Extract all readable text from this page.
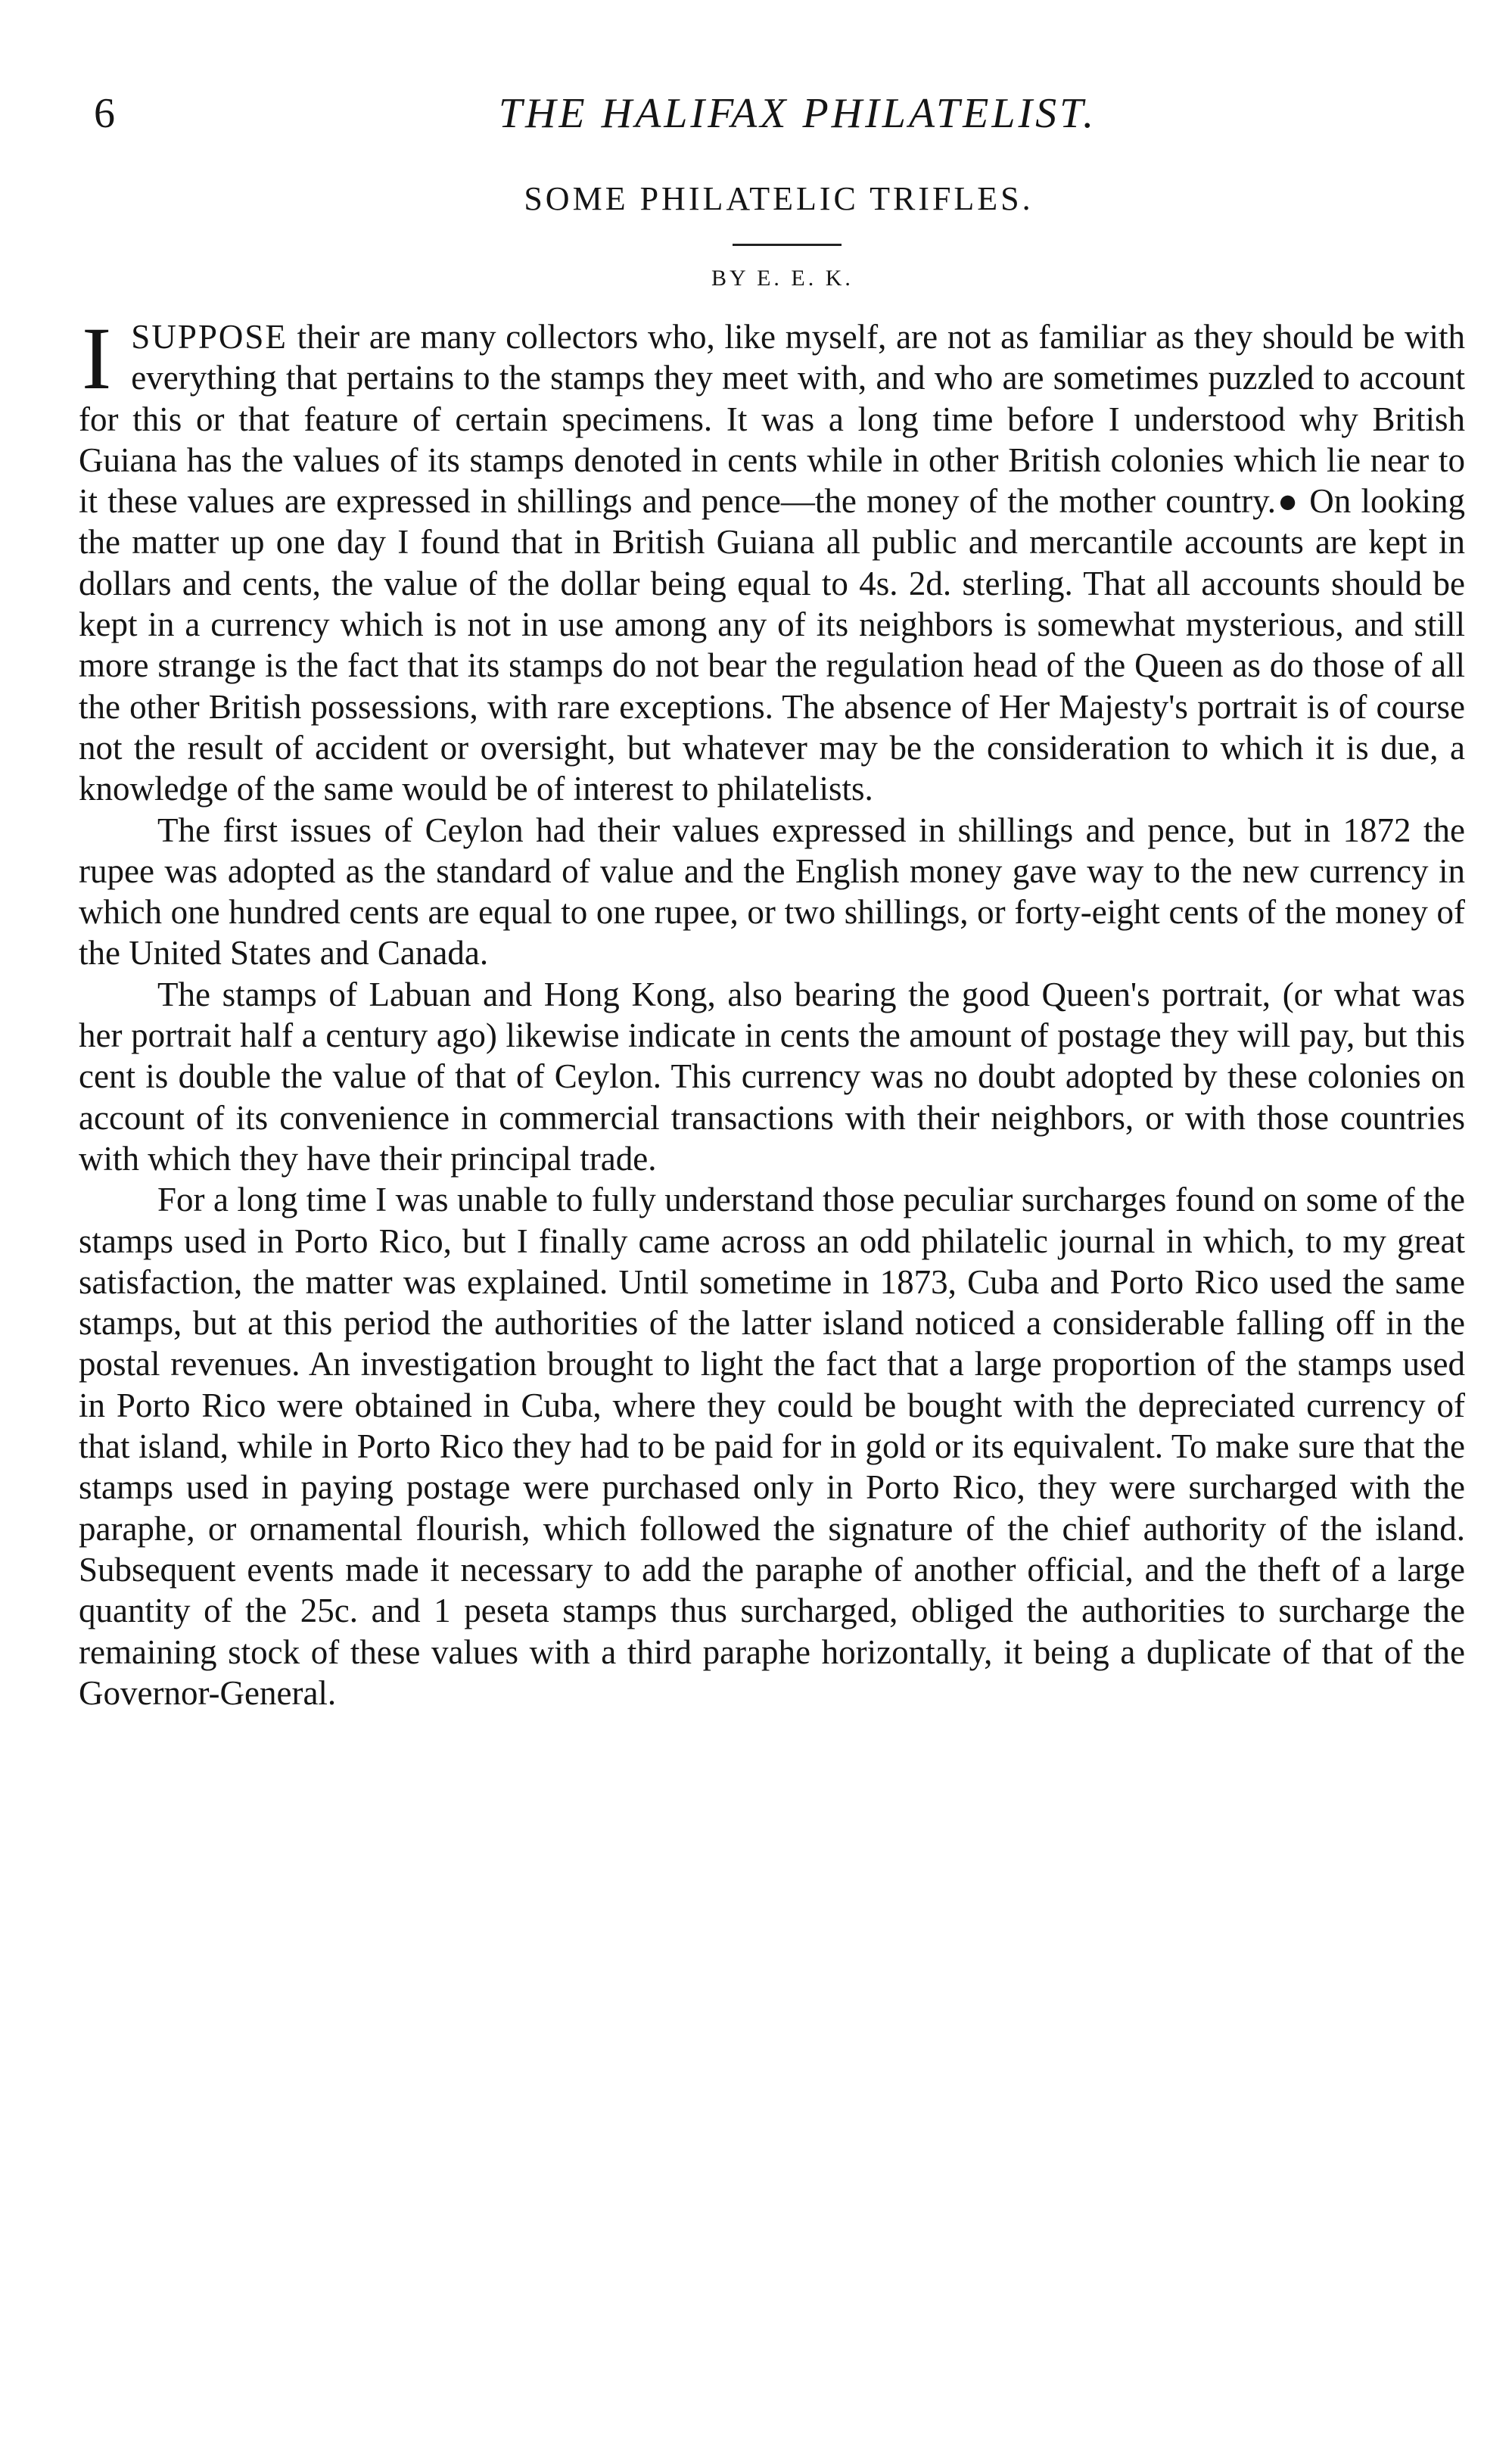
6	THE HALIFAX PHILATELIST.
SOME PHILATELIC TRIFLES.
BY E. E. K.

I SUPPOSE their are many collectors who, like myself, are not as familiar as they should be with everything that pertains to the stamps they meet with, and who are sometimes puzzled to account for this or that feature of certain specimens. It was a long time before I understood why British Guiana has the values of its stamps denoted in cents while in other British colonies which lie near to it these values are expressed in shillings and pence—the money of the mother country.● On looking the matter up one day I found that in British Guiana all public and mercantile accounts are kept in dollars and cents, the value of the dollar being equal to 4s. 2d. sterling. That all accounts should be kept in a currency which is not in use among any of its neighbors is somewhat mysterious, and still more strange is the fact that its stamps do not bear the regulation head of the Queen as do those of all the other British possessions, with rare exceptions. The absence of Her Majesty's portrait is of course not the result of accident or oversight, but whatever may be the consideration to which it is due, a knowledge of the same would be of interest to philatelists.

The first issues of Ceylon had their values expressed in shillings and pence, but in 1872 the rupee was adopted as the standard of value and the English money gave way to the new currency in which one hundred cents are equal to one rupee, or two shillings, or forty-eight cents of the money of the United States and Canada.

The stamps of Labuan and Hong Kong, also bearing the good Queen's portrait, (or what was her portrait half a century ago) likewise indicate in cents the amount of postage they will pay, but this cent is double the value of that of Ceylon. This currency was no doubt adopted by these colonies on account of its convenience in commercial transactions with their neighbors, or with those countries with which they have their principal trade.

For a long time I was unable to fully understand those peculiar surcharges found on some of the stamps used in Porto Rico, but I finally came across an odd philatelic journal in which, to my great satisfaction, the matter was explained. Until sometime in 1873, Cuba and Porto Rico used the same stamps, but at this period the authorities of the latter island noticed a considerable falling off in the postal revenues. An investigation brought to light the fact that a large proportion of the stamps used in Porto Rico were obtained in Cuba, where they could be bought with the depreciated currency of that island, while in Porto Rico they had to be paid for in gold or its equivalent. To make sure that the stamps used in paying postage were purchased only in Porto Rico, they were surcharged with the paraphe, or ornamental flourish, which followed the signature of the chief authority of the island. Subsequent events made it necessary to add the paraphe of another official, and the theft of a large quantity of the 25c. and 1 peseta stamps thus surcharged, obliged the authorities to surcharge the remaining stock of these values with a third paraphe horizontally, it being a duplicate of that of the Governor-General.
